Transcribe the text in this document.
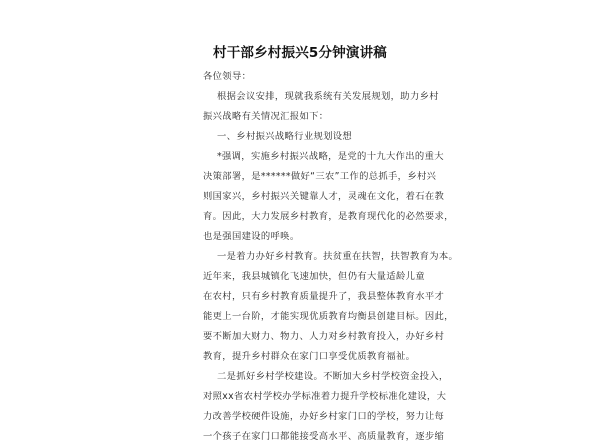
村干部乡村振兴5分钟演讲稿
各位领导：
根据会议安排，现就我系统有关发展规划，助力乡村
振兴战略有关情况汇报如下：
一、乡村振兴战略行业规划设想
*强调，实施乡村振兴战略，是党的十九大作出的重大
决策部署，是******做好“三农”工作的总抓手，乡村兴
则国家兴，乡村振兴关键靠人才，灵魂在文化，着石在教
育。因此，大力发展乡村教育，是教育现代化的必然要求，
也是强国建设的呼唤。
一是着力办好乡村教育。扶贫重在扶智，扶智教育为本。
近年来，我县城镇化飞速加快，但仍有大量适龄儿童
在农村，只有乡村教育质量提升了，我县整体教育水平才
能更上一台阶，才能实现优质教育均衡县创建目标。因此，
要不断加大财力、物力、人力对乡村教育投入，办好乡村
教育，提升乡村群众在家门口享受优质教育福祉。
二是抓好乡村学校建设。不断加大乡村学校资金投入，
对照xx省农村学校办学标准着力提升学校标准化建设，大
力改善学校硬件设施，办好乡村家门口的学校，努力让每
一个孩子在家门口都能接受高水平、高质量教育，逐步缩
